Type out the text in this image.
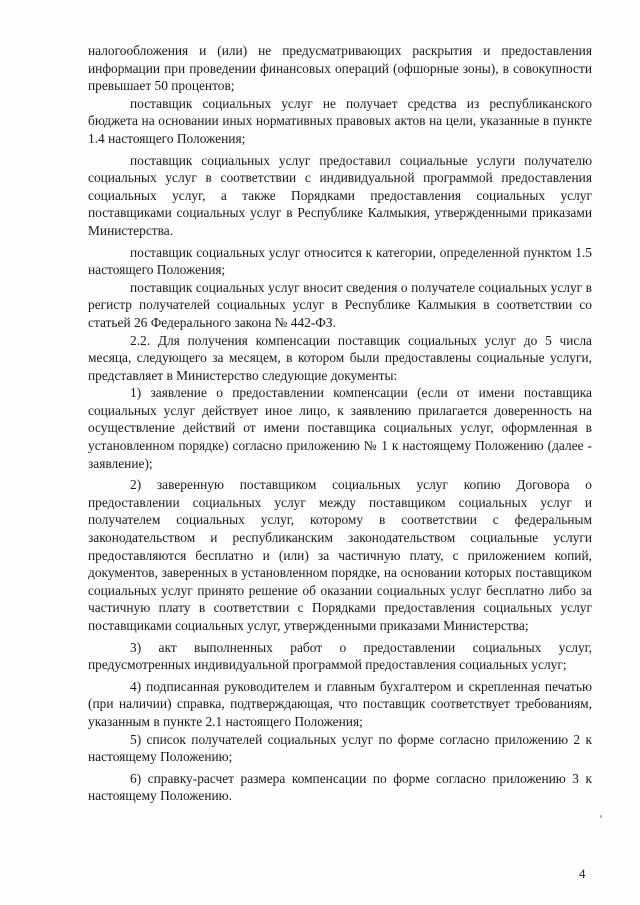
налогообложения и (или) не предусматривающих раскрытия и предоставления информации при проведении финансовых операций (офшорные зоны), в совокупности превышает 50 процентов;

поставщик социальных услуг не получает средства из республиканского бюджета на основании иных нормативных правовых актов на цели, указанные в пункте 1.4 настоящего Положения;

поставщик социальных услуг предоставил социальные услуги получателю социальных услуг в соответствии с индивидуальной программой предоставления социальных услуг, а также Порядками предоставления социальных услуг поставщиками социальных услуг в Республике Калмыкия, утвержденными приказами Министерства.

поставщик социальных услуг относится к категории, определенной пунктом 1.5 настоящего Положения;

поставщик социальных услуг вносит сведения о получателе социальных услуг в регистр получателей социальных услуг в Республике Калмыкия в соответствии со статьей 26 Федерального закона № 442-ФЗ.

2.2. Для получения компенсации поставщик социальных услуг до 5 числа месяца, следующего за месяцем, в котором были предоставлены социальные услуги, представляет в Министерство следующие документы:

1) заявление о предоставлении компенсации (если от имени поставщика социальных услуг действует иное лицо, к заявлению прилагается доверенность на осуществление действий от имени поставщика социальных услуг, оформленная в установленном порядке) согласно приложению № 1 к настоящему Положению (далее - заявление);

2) заверенную поставщиком социальных услуг копию Договора о предоставлении социальных услуг между поставщиком социальных услуг и получателем социальных услуг, которому в соответствии с федеральным законодательством и республиканским законодательством социальные услуги предоставляются бесплатно и (или) за частичную плату, с приложением копий, документов, заверенных в установленном порядке, на основании которых поставщиком социальных услуг принято решение об оказании социальных услуг бесплатно либо за частичную плату в соответствии с Порядками предоставления социальных услуг поставщиками социальных услуг, утвержденными приказами Министерства;

3) акт выполненных работ о предоставлении социальных услуг, предусмотренных индивидуальной программой предоставления социальных услуг;

4) подписанная руководителем и главным бухгалтером и скрепленная печатью (при наличии) справка, подтверждающая, что поставщик соответствует требованиям, указанным в пункте 2.1 настоящего Положения;

5) список получателей социальных услуг по форме согласно приложению 2 к настоящему Положению;

6) справку-расчет размера компенсации по форме согласно приложению 3 к настоящему Положению.

4
